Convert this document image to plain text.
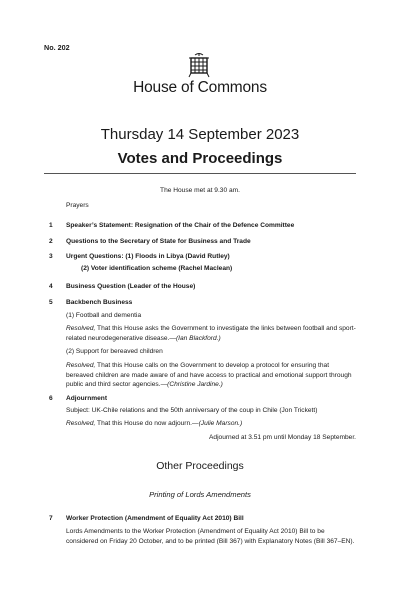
No. 202
House of Commons
Thursday 14 September 2023
Votes and Proceedings
The House met at 9.30 am.
Prayers
1 Speaker’s Statement: Resignation of the Chair of the Defence Committee
2 Questions to the Secretary of State for Business and Trade
3 Urgent Questions: (1) Floods in Libya (David Rutley)
(2) Voter identification scheme (Rachel Maclean)
4 Business Question (Leader of the House)
5 Backbench Business
(1) Football and dementia
Resolved, That this House asks the Government to investigate the links between football and sport-related neurodegenerative disease.—(Ian Blackford.)
(2) Support for bereaved children
Resolved, That this House calls on the Government to develop a protocol for ensuring that bereaved children are made aware of and have access to practical and emotional support through public and third sector agencies.—(Christine Jardine.)
6 Adjournment
Subject: UK-Chile relations and the 50th anniversary of the coup in Chile (Jon Trickett)
Resolved, That this House do now adjourn.—(Julie Marson.)
Adjourned at 3.51 pm until Monday 18 September.
Other Proceedings
Printing of Lords Amendments
7 Worker Protection (Amendment of Equality Act 2010) Bill
Lords Amendments to the Worker Protection (Amendment of Equality Act 2010) Bill to be considered on Friday 20 October, and to be printed (Bill 367) with Explanatory Notes (Bill 367–EN).
